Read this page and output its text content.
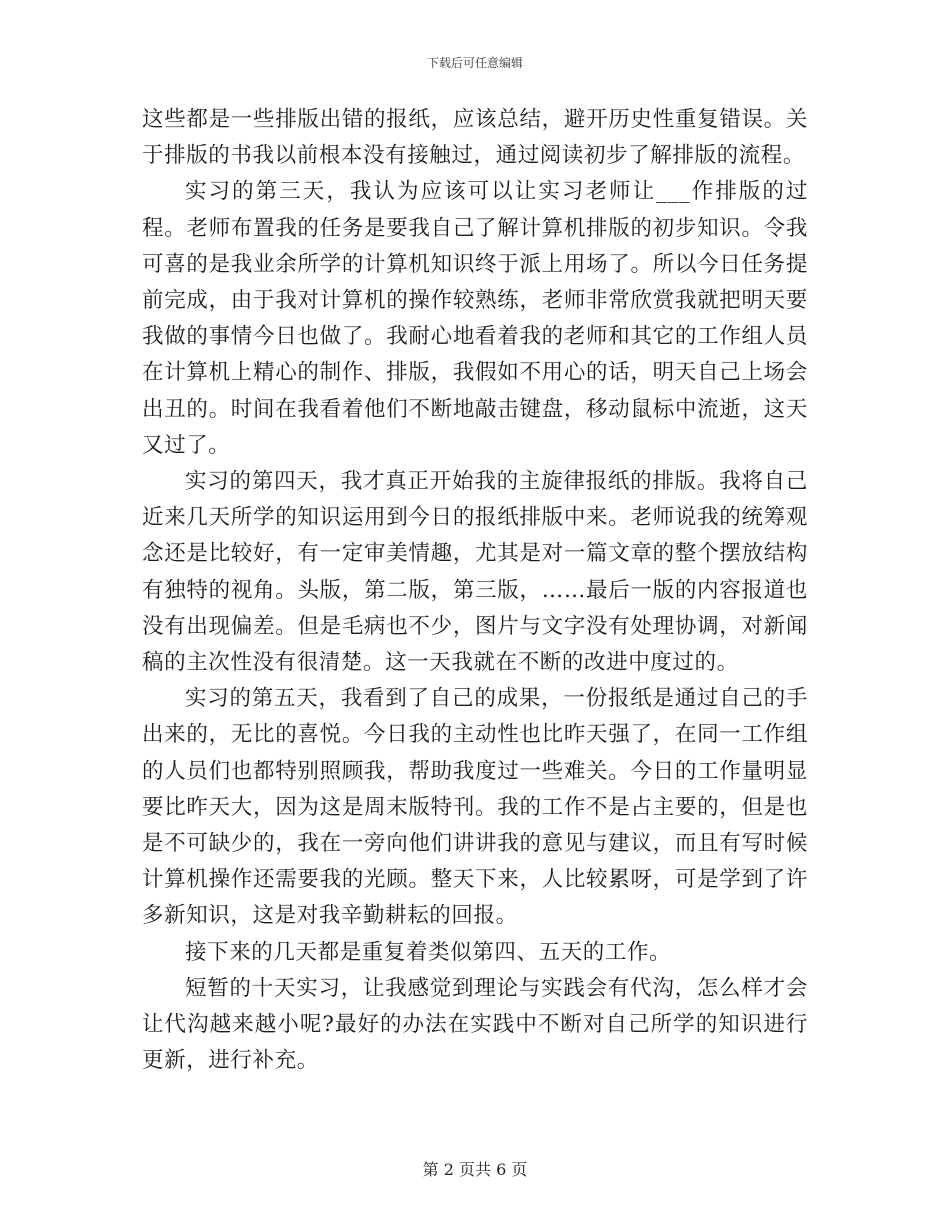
下载后可任意编辑

这些都是一些排版出错的报纸，应该总结，避开历史性重复错误。关于排版的书我以前根本没有接触过，通过阅读初步了解排版的流程。

实习的第三天，我认为应该可以让实习老师让___作排版的过程。老师布置我的任务是要我自己了解计算机排版的初步知识。令我可喜的是我业余所学的计算机知识终于派上用场了。所以今日任务提前完成，由于我对计算机的操作较熟练，老师非常欣赏我就把明天要我做的事情今日也做了。我耐心地看着我的老师和其它的工作组人员在计算机上精心的制作、排版，我假如不用心的话，明天自己上场会出丑的。时间在我看着他们不断地敲击键盘，移动鼠标中流逝，这天又过了。

实习的第四天，我才真正开始我的主旋律报纸的排版。我将自己近来几天所学的知识运用到今日的报纸排版中来。老师说我的统筹观念还是比较好，有一定审美情趣，尤其是对一篇文章的整个摆放结构有独特的视角。头版，第二版，第三版，……最后一版的内容报道也没有出现偏差。但是毛病也不少，图片与文字没有处理协调，对新闻稿的主次性没有很清楚。这一天我就在不断的改进中度过的。

实习的第五天，我看到了自己的成果，一份报纸是通过自己的手出来的，无比的喜悦。今日我的主动性也比昨天强了，在同一工作组的人员们也都特别照顾我，帮助我度过一些难关。今日的工作量明显要比昨天大，因为这是周末版特刊。我的工作不是占主要的，但是也是不可缺少的，我在一旁向他们讲讲我的意见与建议，而且有写时候计算机操作还需要我的光顾。整天下来，人比较累呀，可是学到了许多新知识，这是对我辛勤耕耘的回报。

接下来的几天都是重复着类似第四、五天的工作。

短暂的十天实习，让我感觉到理论与实践会有代沟，怎么样才会让代沟越来越小呢?最好的办法在实践中不断对自己所学的知识进行更新，进行补充。

第 2 页共 6 页
